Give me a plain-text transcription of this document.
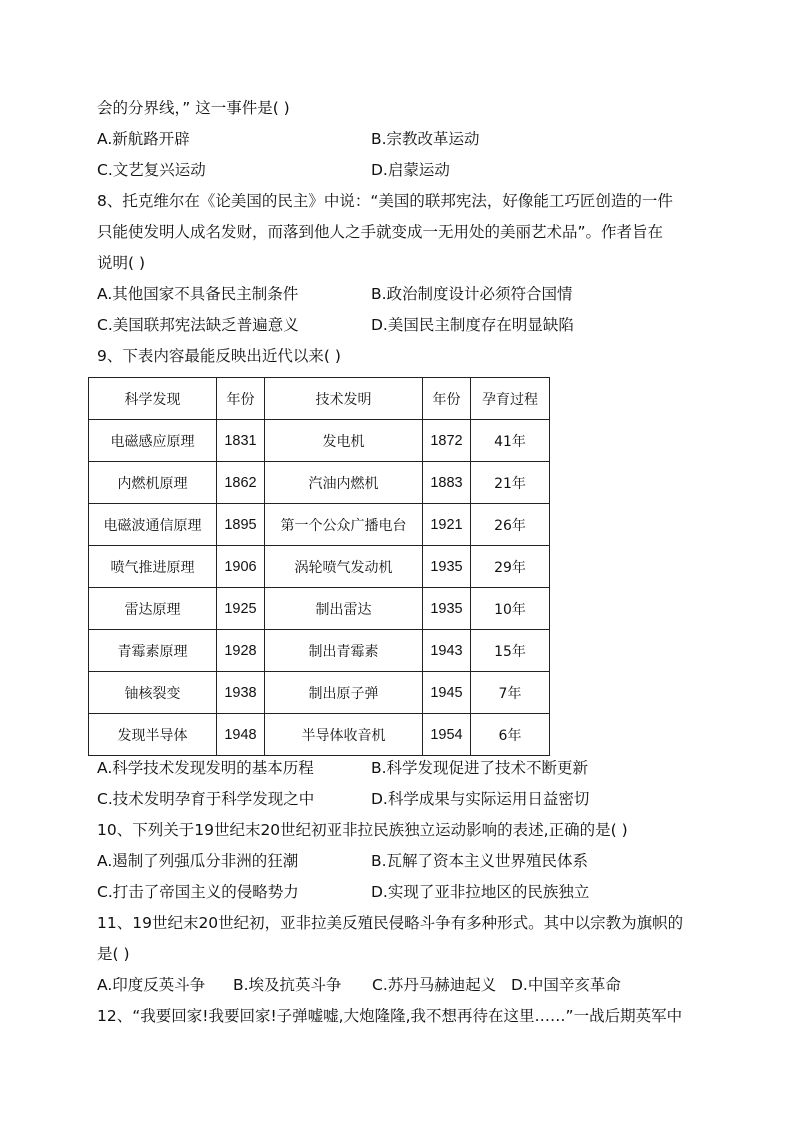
会的分界线，” 这一事件是( )
A.新航路开辟	B.宗教改革运动
C.文艺复兴运动	D.启蒙运动
8、托克维尔在《论美国的民主》中说：“美国的联邦宪法，好像能工巧匠创造的一件
只能使发明人成名发财，而落到他人之手就变成一无用处的美丽艺术品”。作者旨在
说明( )
A.其他国家不具备民主制条件	B.政治制度设计必须符合国情
C.美国联邦宪法缺乏普遍意义	D.美国民主制度存在明显缺陷
9、下表内容最能反映出近代以来( )
科学发现	年份	技术发明	年份	孕育过程
电磁感应原理	1831	发电机	1872	41年
内燃机原理	1862	汽油内燃机	1883	21年
电磁波通信原理	1895	第一个公众广播电台	1921	26年
喷气推进原理	1906	涡轮喷气发动机	1935	29年
雷达原理	1925	制出雷达	1935	10年
青霉素原理	1928	制出青霉素	1943	15年
铀核裂变	1938	制出原子弹	1945	7年
发现半导体	1948	半导体收音机	1954	6年
A.科学技术发现发明的基本历程	B.科学发现促进了技术不断更新
C.技术发明孕育于科学发现之中	D.科学成果与实际运用日益密切
10、下列关于19世纪末20世纪初亚非拉民族独立运动影响的表述,正确的是( )
A.遏制了列强瓜分非洲的狂潮	B.瓦解了资本主义世界殖民体系
C.打击了帝国主义的侵略势力	D.实现了亚非拉地区的民族独立
11、19世纪末20世纪初，亚非拉美反殖民侵略斗争有多种形式。其中以宗教为旗帜的
是( )
A.印度反英斗争 B.埃及抗英斗争 C.苏丹马赫迪起义 D.中国辛亥革命
12、“我要回家!我要回家!子弹嘘嘘,大炮隆隆,我不想再待在这里……”一战后期英军中
